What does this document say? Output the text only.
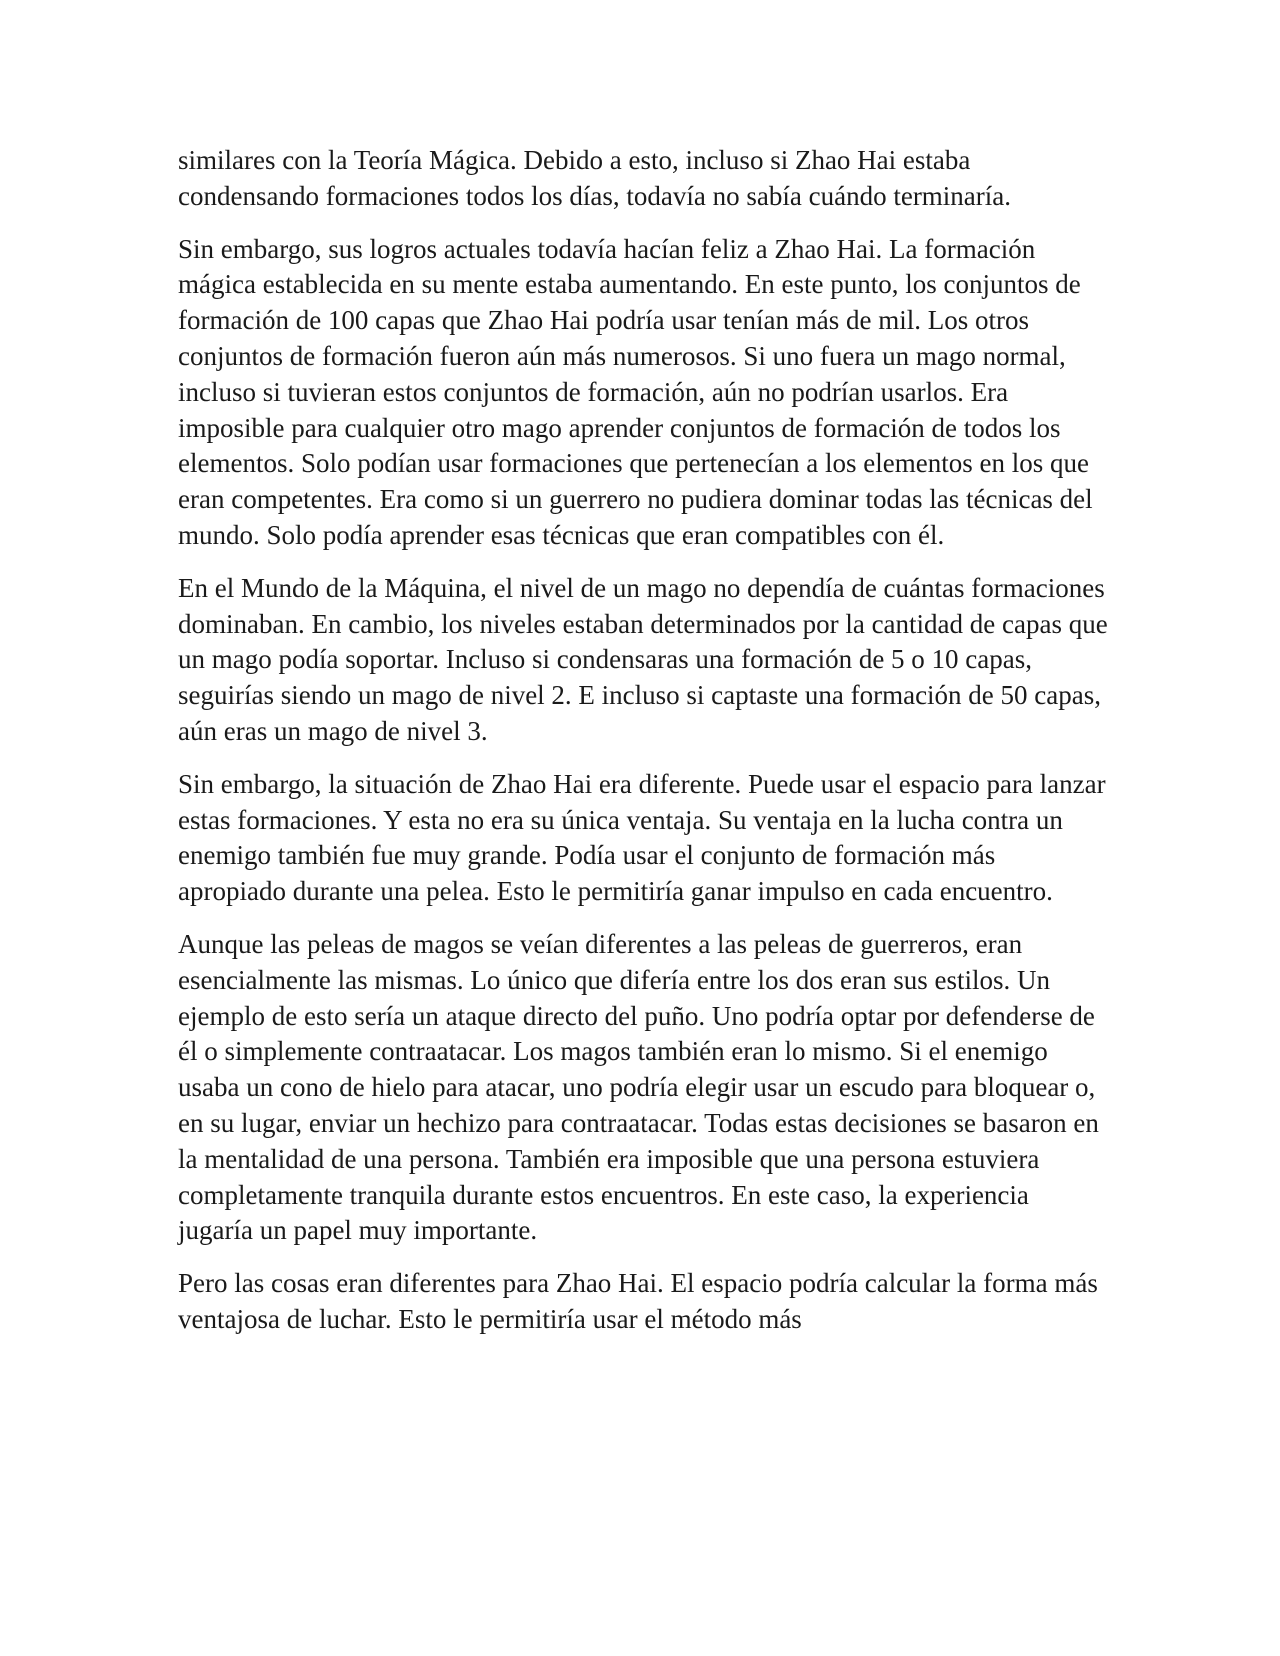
similares con la Teoría Mágica. Debido a esto, incluso si Zhao Hai estaba condensando formaciones todos los días, todavía no sabía cuándo terminaría.

Sin embargo, sus logros actuales todavía hacían feliz a Zhao Hai. La formación mágica establecida en su mente estaba aumentando. En este punto, los conjuntos de formación de 100 capas que Zhao Hai podría usar tenían más de mil. Los otros conjuntos de formación fueron aún más numerosos. Si uno fuera un mago normal, incluso si tuvieran estos conjuntos de formación, aún no podrían usarlos. Era imposible para cualquier otro mago aprender conjuntos de formación de todos los elementos. Solo podían usar formaciones que pertenecían a los elementos en los que eran competentes. Era como si un guerrero no pudiera dominar todas las técnicas del mundo. Solo podía aprender esas técnicas que eran compatibles con él.

En el Mundo de la Máquina, el nivel de un mago no dependía de cuántas formaciones dominaban. En cambio, los niveles estaban determinados por la cantidad de capas que un mago podía soportar. Incluso si condensaras una formación de 5 o 10 capas, seguirías siendo un mago de nivel 2. E incluso si captaste una formación de 50 capas, aún eras un mago de nivel 3.

Sin embargo, la situación de Zhao Hai era diferente. Puede usar el espacio para lanzar estas formaciones. Y esta no era su única ventaja. Su ventaja en la lucha contra un enemigo también fue muy grande. Podía usar el conjunto de formación más apropiado durante una pelea. Esto le permitiría ganar impulso en cada encuentro.

Aunque las peleas de magos se veían diferentes a las peleas de guerreros, eran esencialmente las mismas. Lo único que difería entre los dos eran sus estilos. Un ejemplo de esto sería un ataque directo del puño. Uno podría optar por defenderse de él o simplemente contraatacar. Los magos también eran lo mismo. Si el enemigo usaba un cono de hielo para atacar, uno podría elegir usar un escudo para bloquear o, en su lugar, enviar un hechizo para contraatacar. Todas estas decisiones se basaron en la mentalidad de una persona. También era imposible que una persona estuviera completamente tranquila durante estos encuentros. En este caso, la experiencia jugaría un papel muy importante.

Pero las cosas eran diferentes para Zhao Hai. El espacio podría calcular la forma más ventajosa de luchar. Esto le permitiría usar el método más
